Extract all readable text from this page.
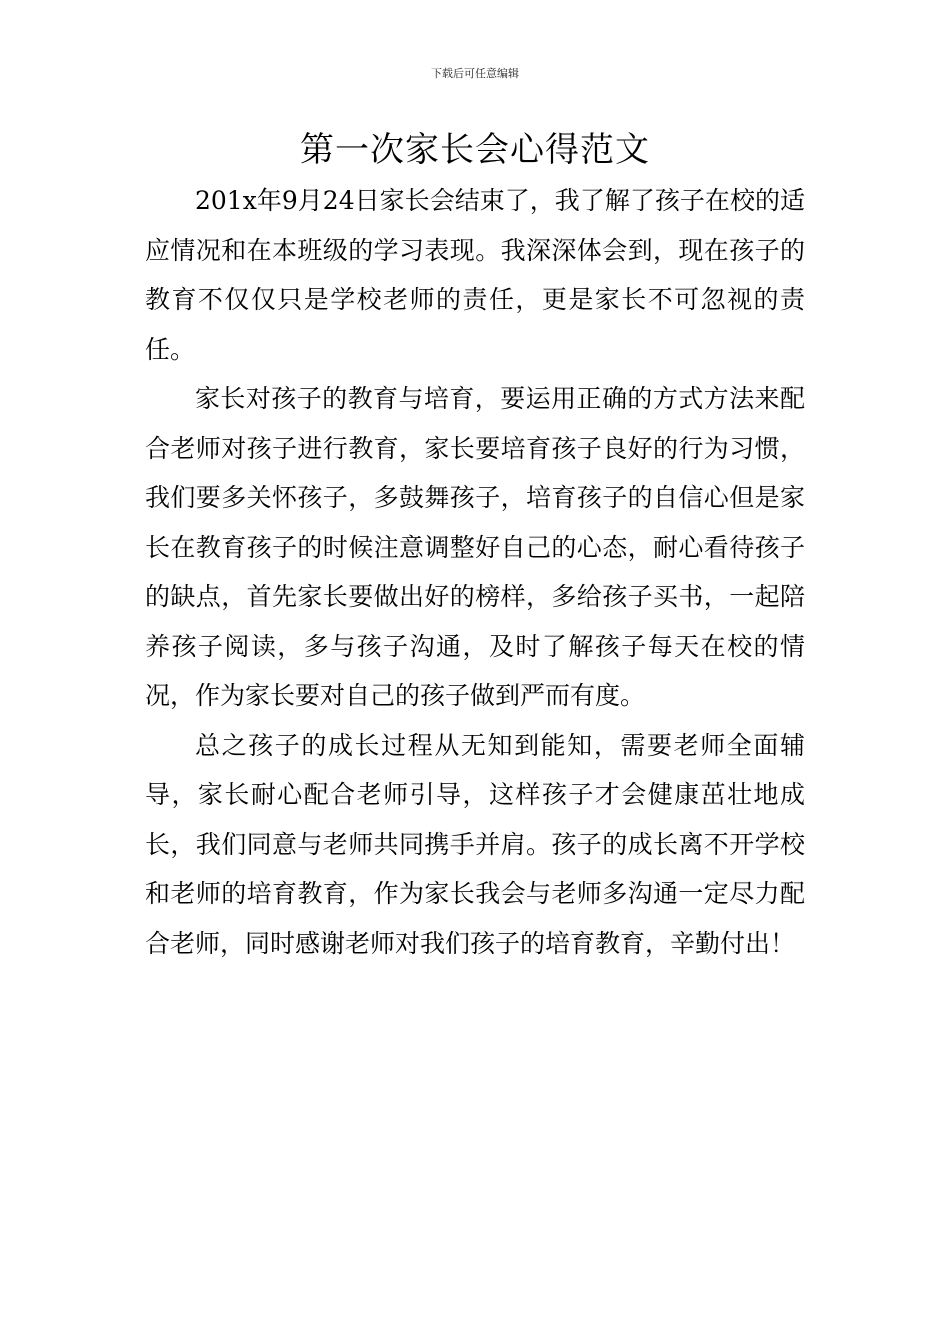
下载后可任意编辑
第一次家长会心得范文

201x年9月24日家长会结束了，我了解了孩子在校的适应情况和在本班级的学习表现。我深深体会到，现在孩子的教育不仅仅只是学校老师的责任，更是家长不可忽视的责任。

家长对孩子的教育与培育，要运用正确的方式方法来配合老师对孩子进行教育，家长要培育孩子良好的行为习惯，我们要多关怀孩子，多鼓舞孩子，培育孩子的自信心但是家长在教育孩子的时候注意调整好自己的心态，耐心看待孩子的缺点，首先家长要做出好的榜样，多给孩子买书，一起陪养孩子阅读，多与孩子沟通，及时了解孩子每天在校的情况，作为家长要对自己的孩子做到严而有度。

总之孩子的成长过程从无知到能知，需要老师全面辅导，家长耐心配合老师引导，这样孩子才会健康茁壮地成长，我们同意与老师共同携手并肩。孩子的成长离不开学校和老师的培育教育，作为家长我会与老师多沟通一定尽力配合老师，同时感谢老师对我们孩子的培育教育，辛勤付出！
